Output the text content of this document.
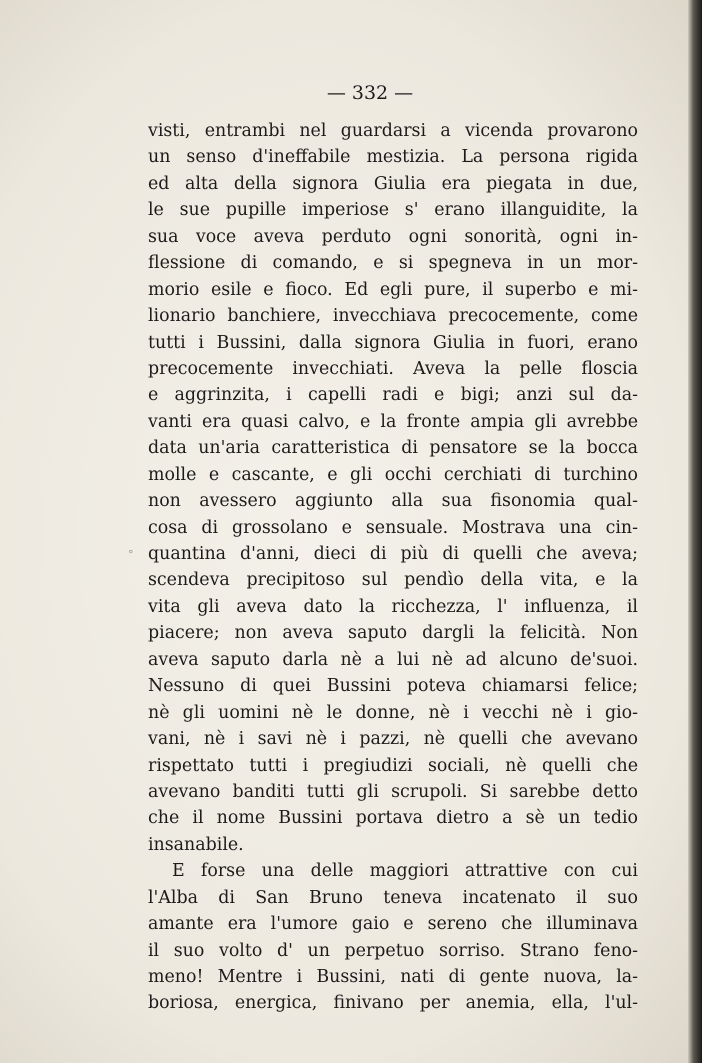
— 332 —
visti, entrambi nel guardarsi a vicenda provarono
un senso d'ineffabile mestizia. La persona rigida
ed alta della signora Giulia era piegata in due,
le sue pupille imperiose s' erano illanguidite, la
sua voce aveva perduto ogni sonorità, ogni in-
flessione di comando, e si spegneva in un mor-
morio esile e fioco. Ed egli pure, il superbo e mi-
lionario banchiere, invecchiava precocemente, come
tutti i Bussini, dalla signora Giulia in fuori, erano
precocemente invecchiati. Aveva la pelle floscia
e aggrinzita, i capelli radi e bigi; anzi sul da-
vanti era quasi calvo, e la fronte ampia gli avrebbe
data un'aria caratteristica di pensatore se la bocca
molle e cascante, e gli occhi cerchiati di turchino
non avessero aggiunto alla sua fisonomia qual-
cosa di grossolano e sensuale. Mostrava una cin-
quantina d'anni, dieci di più di quelli che aveva;
scendeva precipitoso sul pendìo della vita, e la
vita gli aveva dato la ricchezza, l' influenza, il
piacere; non aveva saputo dargli la felicità. Non
aveva saputo darla nè a lui nè ad alcuno de'suoi.
Nessuno di quei Bussini poteva chiamarsi felice;
nè gli uomini nè le donne, nè i vecchi nè i gio-
vani, nè i savi nè i pazzi, nè quelli che avevano
rispettato tutti i pregiudizi sociali, nè quelli che
avevano banditi tutti gli scrupoli. Si sarebbe detto
che il nome Bussini portava dietro a sè un tedio
insanabile.
E forse una delle maggiori attrattive con cui
l'Alba di San Bruno teneva incatenato il suo
amante era l'umore gaio e sereno che illuminava
il suo volto d' un perpetuo sorriso. Strano feno-
meno! Mentre i Bussini, nati di gente nuova, la-
boriosa, energica, finivano per anemia, ella, l'ul-
°
